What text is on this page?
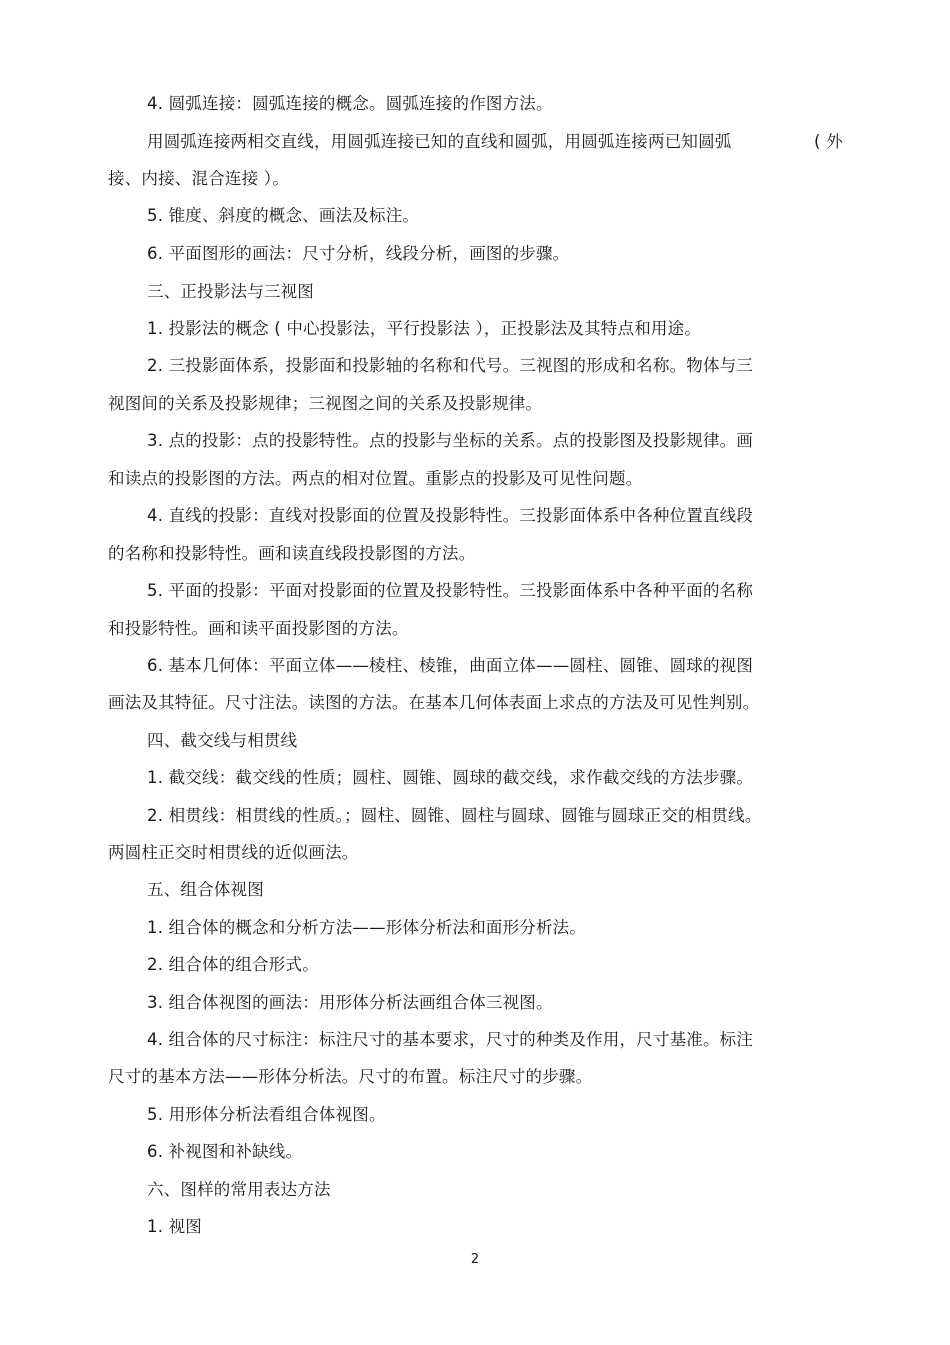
4. 圆弧连接：圆弧连接的概念。圆弧连接的作图方法。
用圆弧连接两相交直线，用圆弧连接已知的直线和圆弧，用圆弧连接两已知圆弧	( 外
接、内接、混合连接 ）。
5. 锥度、斜度的概念、画法及标注。
6. 平面图形的画法：尺寸分析，线段分析，画图的步骤。
三、正投影法与三视图
1. 投影法的概念 ( 中心投影法，平行投影法 ），正投影法及其特点和用途。
2. 三投影面体系，投影面和投影轴的名称和代号。三视图的形成和名称。物体与三
视图间的关系及投影规律；三视图之间的关系及投影规律。
3. 点的投影：点的投影特性。点的投影与坐标的关系。点的投影图及投影规律。画
和读点的投影图的方法。两点的相对位置。重影点的投影及可见性问题。
4. 直线的投影：直线对投影面的位置及投影特性。三投影面体系中各种位置直线段
的名称和投影特性。画和读直线段投影图的方法。
5. 平面的投影：平面对投影面的位置及投影特性。三投影面体系中各种平面的名称
和投影特性。画和读平面投影图的方法。
6. 基本几何体：平面立体——棱柱、棱锥，曲面立体——圆柱、圆锥、圆球的视图
画法及其特征。尺寸注法。读图的方法。在基本几何体表面上求点的方法及可见性判别。
四、截交线与相贯线
1. 截交线：截交线的性质；圆柱、圆锥、圆球的截交线，求作截交线的方法步骤。
2. 相贯线：相贯线的性质。；圆柱、圆锥、圆柱与圆球、圆锥与圆球正交的相贯线。
两圆柱正交时相贯线的近似画法。
五、组合体视图
1. 组合体的概念和分析方法——形体分析法和面形分析法。
2. 组合体的组合形式。
3. 组合体视图的画法：用形体分析法画组合体三视图。
4. 组合体的尺寸标注：标注尺寸的基本要求，尺寸的种类及作用，尺寸基准。标注
尺寸的基本方法——形体分析法。尺寸的布置。标注尺寸的步骤。
5. 用形体分析法看组合体视图。
6. 补视图和补缺线。
六、图样的常用表达方法
1. 视图
2
